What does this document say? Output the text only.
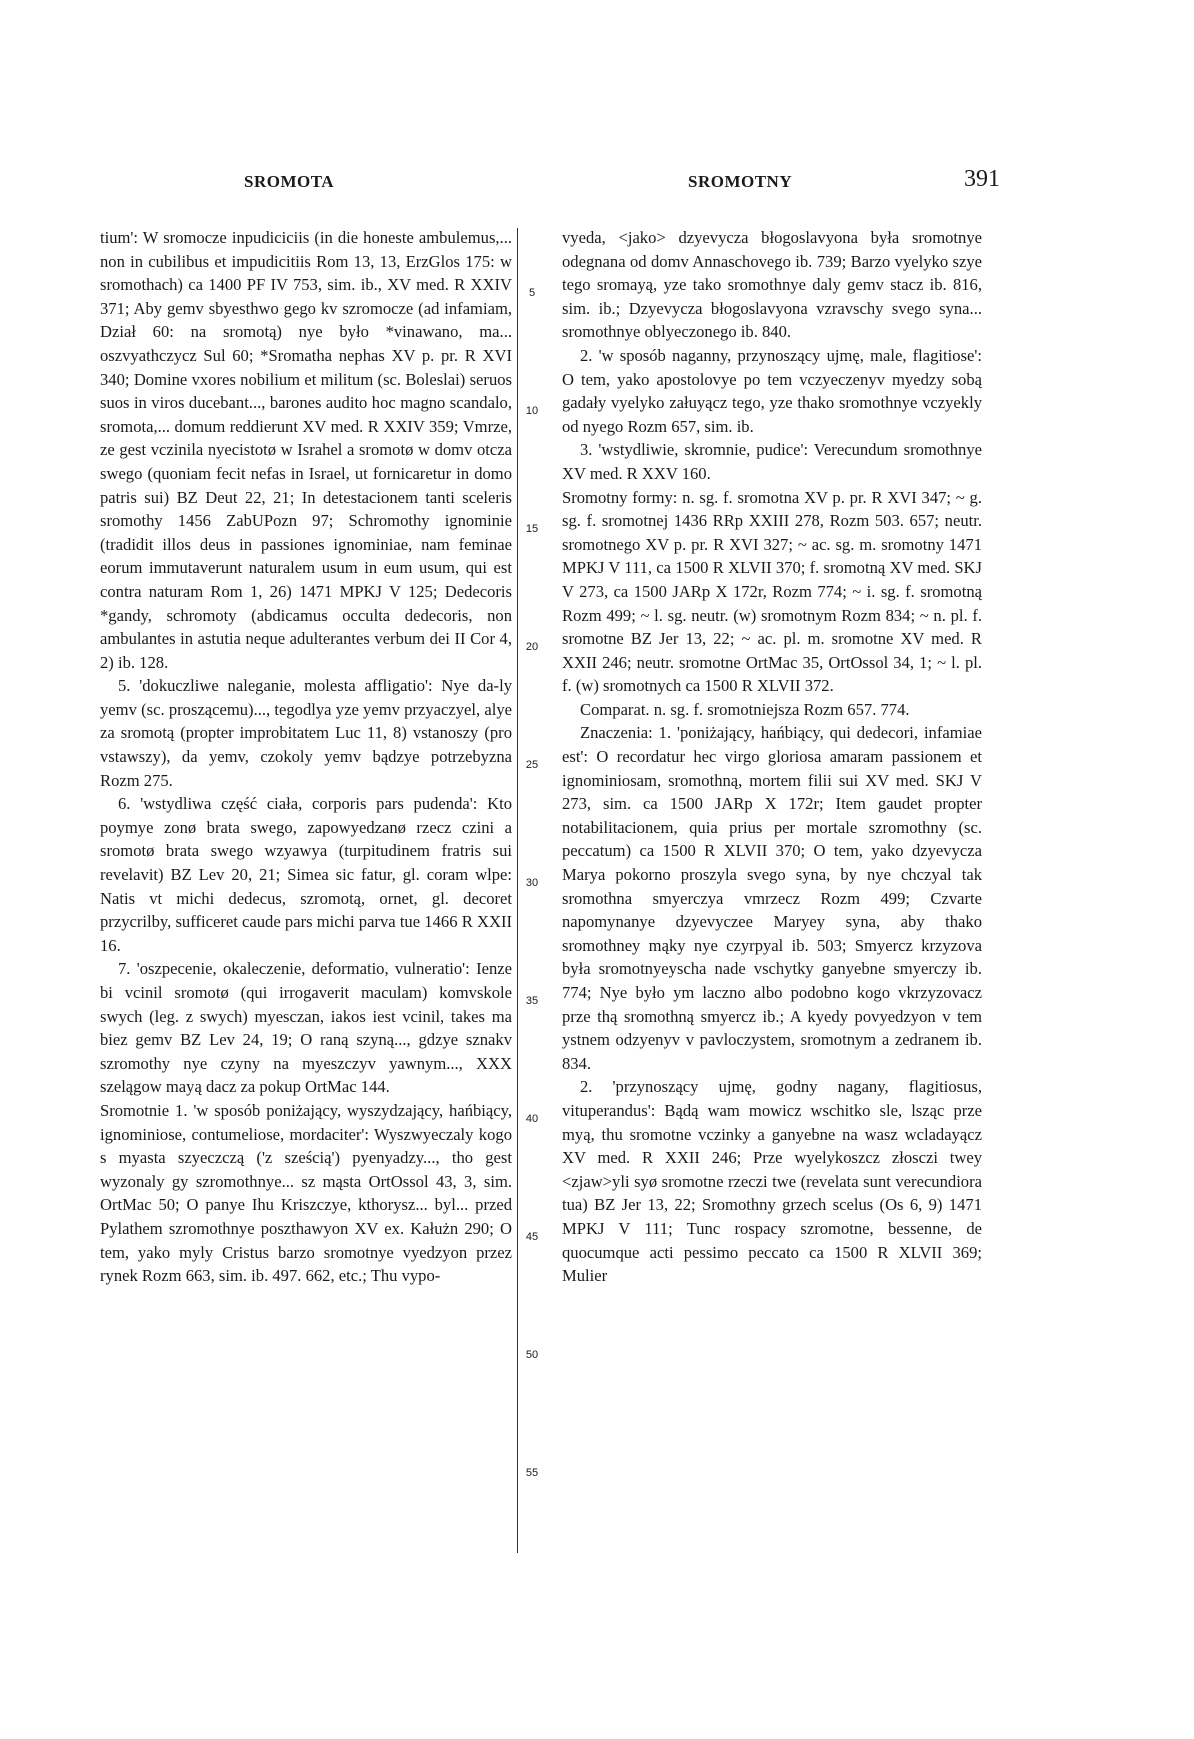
SROMOTA	SROMOTNY	391

tium': W sromocze inpudiciciis (in die honeste ambulemus,... non in cubilibus et impudicitiis Rom 13, 13, ErzGlos 175: w sromothach) ca 1400 PF IV 753, sim. ib., XV med. R XXIV 371; Aby gemv sbyesthwo gego kv szromocze (ad infamiam, Dział 60: na sromotą) nye było *vinawano, ma... oszvyathczycz Sul 60; *Sromatha nephas XV p. pr. R XVI 340; Domine vxores nobilium et militum (sc. Boleslai) seruos suos in viros ducebant..., barones audito hoc magno scandalo, sromota,... domum reddierunt XV med. R XXIV 359; Vmrze, ze gest vczinila nyecistotø w Israhel a sromotø w domv otcza swego (quoniam fecit nefas in Israel, ut fornicaretur in domo patris sui) BZ Deut 22, 21; In detestacionem tanti sceleris sromothy 1456 ZabUPozn 97; Schromothy ignominie (tradidit illos deus in passiones ignominiae, nam feminae eorum immutaverunt naturalem usum in eum usum, qui est contra naturam Rom 1, 26) 1471 MPKJ V 125; Dedecoris *gandy, schromoty (abdicamus occulta dedecoris, non ambulantes in astutia neque adulterantes verbum dei II Cor 4, 2) ib. 128.

5. 'dokuczliwe naleganie, molesta affligatio': Nye da-ly yemv (sc. proszącemu)..., tegodlya yze yemv przyaczyel, alye za sromotą (propter improbitatem Luc 11, 8) vstanoszy (pro vstawszy), da yemv, czokoly yemv bądzye potrzebyzna Rozm 275.

6. 'wstydliwa część ciała, corporis pars pudenda': Kto poymye zonø brata swego, zapowyedzanø rzecz czini a sromotø brata swego wzyawya (turpitudinem fratris sui revelavit) BZ Lev 20, 21; Simea sic fatur, gl. coram wlpe: Natis vt michi dedecus, szromotą, ornet, gl. decoret przycrilby, sufficeret caude pars michi parva tue 1466 R XXII 16.

7. 'oszpecenie, okaleczenie, deformatio, vulneratio': Ienze bi vcinil sromotø (qui irrogaverit maculam) komvskole swych (leg. z swych) myesczan, iakos iest vcinil, takes ma biez gemv BZ Lev 24, 19; O raną szyną..., gdzye sznakv szromothy nye czyny na myeszczyv yawnym..., XXX szelągow mayą dacz za pokup OrtMac 144.

Sromotnie 1. 'w sposób poniżający, wyszydzający, hańbiący, ignominiose, contumeliose, mordaciter': Wyszwyeczaly kogo s myasta szyeczczą ('z sześcią') pyenyadzy..., tho gest wyzonaly gy szromothnye... sz mąsta OrtOssol 43, 3, sim. OrtMac 50; O panye Ihu Kriszczye, kthorysz... byl... przed Pylathem szromothnye poszthawyon XV ex. Kałużn 290; O tem, yako myly Cristus barzo sromotnye vyedzyon przez rynek Rozm 663, sim. ib. 497. 662, etc.; Thu vypo-

5
10
15
20
25
30
35
40
45
50
55

vyeda, <jako> dzyevycza błogoslavyona była sromotnye odegnana od domv Annaschovego ib. 739; Barzo vyelyko szye tego sromayą, yze tako sromothnye daly gemv stacz ib. 816, sim. ib.; Dzyevycza błogoslavyona vzravschy svego syna... sromothnye oblyeczonego ib. 840.

2. 'w sposób naganny, przynoszący ujmę, male, flagitiose': O tem, yako apostolovye po tem vczyeczenyv myedzy sobą gadały vyelyko załuyącz tego, yze thako sromothnye vczyekly od nyego Rozm 657, sim. ib.

3. 'wstydliwie, skromnie, pudice': Verecundum sromothnye XV med. R XXV 160.

Sromotny formy: n. sg. f. sromotna XV p. pr. R XVI 347; ~ g. sg. f. sromotnej 1436 RRp XXIII 278, Rozm 503. 657; neutr. sromotnego XV p. pr. R XVI 327; ~ ac. sg. m. sromotny 1471 MPKJ V 111, ca 1500 R XLVII 370; f. sromotną XV med. SKJ V 273, ca 1500 JARp X 172r, Rozm 774; ~ i. sg. f. sromotną Rozm 499; ~ l. sg. neutr. (w) sromotnym Rozm 834; ~ n. pl. f. sromotne BZ Jer 13, 22; ~ ac. pl. m. sromotne XV med. R XXII 246; neutr. sromotne OrtMac 35, OrtOssol 34, 1; ~ l. pl. f. (w) sromotnych ca 1500 R XLVII 372.

Comparat. n. sg. f. sromotniejsza Rozm 657. 774.

Znaczenia: 1. 'poniżający, hańbiący, qui dedecori, infamiae est': O recordatur hec virgo gloriosa amaram passionem et ignominiosam, sromothną, mortem filii sui XV med. SKJ V 273, sim. ca 1500 JARp X 172r; Item gaudet propter notabilitacionem, quia prius per mortale szromothny (sc. peccatum) ca 1500 R XLVII 370; O tem, yako dzyevycza Marya pokorno proszyla svego syna, by nye chczyal tak sromothna smyerczya vmrzecz Rozm 499; Czvarte napomynanye dzyevyczee Maryey syna, aby thako sromothney mąky nye czyrpyal ib. 503; Smyercz krzyzova była sromotnyeyscha nade vschytky ganyebne smyerczy ib. 774; Nye było ym laczno albo podobno kogo vkrzyzovacz prze thą sromothną smyercz ib.; A kyedy povyedzyon v tem ystnem odzyenyv v pavloczystem, sromotnym a zedranem ib. 834.

2. 'przynoszący ujmę, godny nagany, flagitiosus, vituperandus': Bądą wam mowicz wschitko sle, lsząc prze myą, thu sromotne vczinky a ganyebne na wasz wcladayącz XV med. R XXII 246; Prze wyelykoszcz złosczi twey <zjaw>yli syø sromotne rzeczi twe (revelata sunt verecundiora tua) BZ Jer 13, 22; Sromothny grzech scelus (Os 6, 9) 1471 MPKJ V 111; Tunc rospacy szromotne, bessenne, de quocumque acti pessimo peccato ca 1500 R XLVII 369; Mulier
